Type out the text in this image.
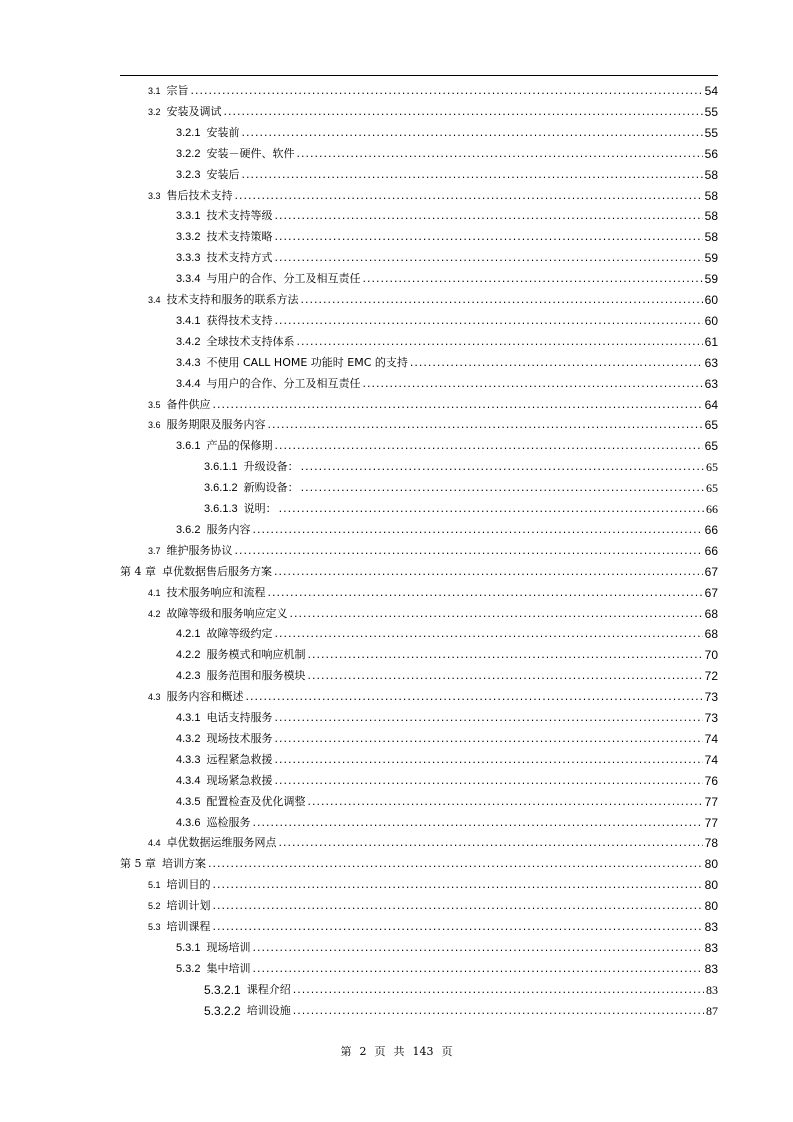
3.1 宗旨 .....	54
3.2 安装及调试 .....	55
3.2.1 安装前 .....	55
3.2.2 安装－硬件、软件 .....	56
3.2.3 安装后 .....	58
3.3 售后技术支持 .....	58
3.3.1 技术支持等级 .....	58
3.3.2 技术支持策略 .....	58
3.3.3 技术支持方式 .....	59
3.3.4 与用户的合作、分工及相互责任 .....	59
3.4 技术支持和服务的联系方法 .....	60
3.4.1 获得技术支持 .....	60
3.4.2 全球技术支持体系 .....	61
3.4.3 不使用 CALL HOME 功能时 EMC 的支持 .....	63
3.4.4 与用户的合作、分工及相互责任 .....	63
3.5 备件供应 .....	64
3.6 服务期限及服务内容 .....	65
3.6.1 产品的保修期 .....	65
3.6.1.1 升级设备： .....	65
3.6.1.2 新购设备： .....	65
3.6.1.3 说明： .....	66
3.6.2 服务内容 .....	66
3.7 维护服务协议 .....	66
第 4 章 卓优数据售后服务方案 .....	67
4.1 技术服务响应和流程 .....	67
4.2 故障等级和服务响应定义 .....	68
4.2.1 故障等级约定 .....	68
4.2.2 服务模式和响应机制 .....	70
4.2.3 服务范围和服务模块 .....	72
4.3 服务内容和概述 .....	73
4.3.1 电话支持服务 .....	73
4.3.2 现场技术服务 .....	74
4.3.3 远程紧急救援 .....	74
4.3.4 现场紧急救援 .....	76
4.3.5 配置检查及优化调整 .....	77
4.3.6 巡检服务 .....	77
4.4 卓优数据运维服务网点 .....	78
第 5 章 培训方案 .....	80
5.1 培训目的 .....	80
5.2 培训计划 .....	80
5.3 培训课程 .....	83
5.3.1 现场培训 .....	83
5.3.2 集中培训 .....	83
5.3.2.1 课程介绍 .....	83
5.3.2.2 培训设施 .....	87
第 2 页 共 143 页
